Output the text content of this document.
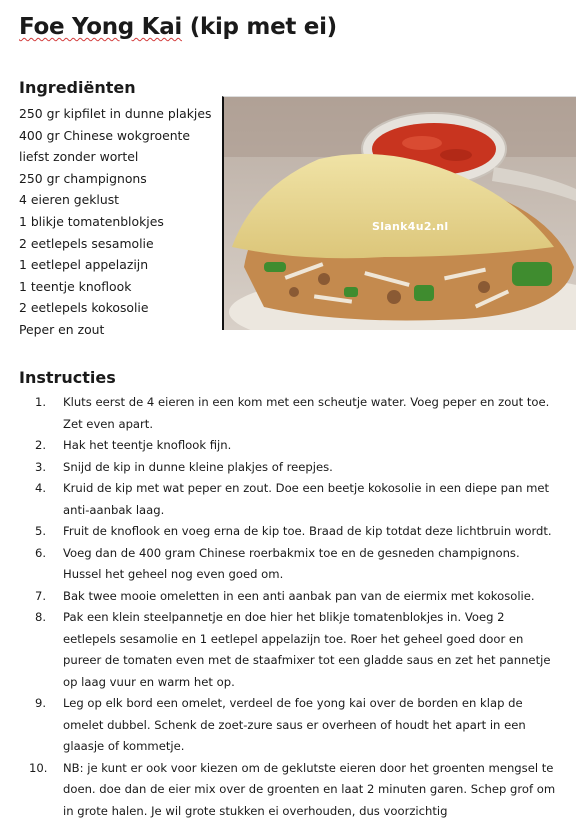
Foe Yong Kai (kip met ei)
Ingrediënten
250 gr kipfilet in dunne plakjes
400 gr Chinese wokgroente liefst zonder wortel
250 gr champignons
4 eieren geklust
1 blikje tomatenblokjes
2 eetlepels sesamolie
1 eetlepel appelazijn
1 teentje knoflook
2 eetlepels kokosolie
Peper en zout
Slank4u2.nl
Instructies
1. Kluts eerst de 4 eieren in een kom met een scheutje water. Voeg peper en zout toe. Zet even apart.
2. Hak het teentje knoflook fijn.
3. Snijd de kip in dunne kleine plakjes of reepjes.
4. Kruid de kip met wat peper en zout. Doe een beetje kokosolie in een diepe pan met anti-aanbak laag.
5. Fruit de knoflook en voeg erna de kip toe. Braad de kip totdat deze lichtbruin wordt.
6. Voeg dan de 400 gram Chinese roerbakmix toe en de gesneden champignons. Hussel het geheel nog even goed om.
7. Bak twee mooie omeletten in een anti aanbak pan van de eiermix met kokosolie.
8. Pak een klein steelpannetje en doe hier het blikje tomatenblokjes in. Voeg 2 eetlepels sesamolie en 1 eetlepel appelazijn toe. Roer het geheel goed door en pureer de tomaten even met de staafmixer tot een gladde saus en zet het pannetje op laag vuur en warm het op.
9. Leg op elk bord een omelet, verdeel de foe yong kai over de borden en klap de omelet dubbel. Schenk de zoet-zure saus er overheen of houdt het apart in een glaasje of kommetje.
10. NB: je kunt er ook voor kiezen om de geklutste eieren door het groenten mengsel te doen. doe dan de eier mix over de groenten en laat 2 minuten garen. Schep grof om in grote halen. Je wil grote stukken ei overhouden, dus voorzichtig
